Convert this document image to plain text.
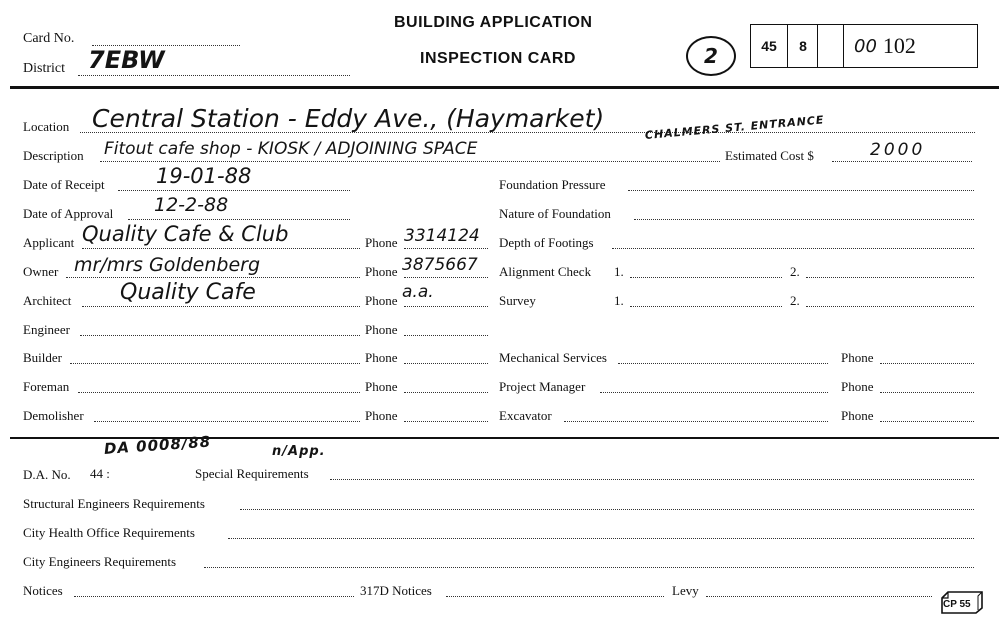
Card No.
District 7EBW
BUILDING APPLICATION
INSPECTION CARD	2	45	8	00 102
Location Central Station - Eddy Ave., (Haymarket)	CHALMERS ST. ENTRANCE
Description Fitout cafe shop - KIOSK / ADJOINING SPACE	Estimated Cost $	2000
Date of Receipt 19-01-88
Date of Approval 12-2-88
Applicant Quality Cafe & Club	Phone 3314124
Owner mr/mrs Goldenberg	Phone 3875667
Architect Quality Cafe	Phone a.a.
Engineer	Phone
Builder	Phone
Foreman	Phone
Demolisher	Phone
Foundation Pressure
Nature of Foundation
Depth of Footings
Alignment Check 1.	2.
Survey	1.	2.
Mechanical Services	Phone
Project Manager	Phone
Excavator	Phone
DA 0008/88	n/App.
D.A. No. 44 :	Special Requirements
Structural Engineers Requirements
City Health Office Requirements
City Engineers Requirements
Notices	317D Notices	Levy
CP 55
